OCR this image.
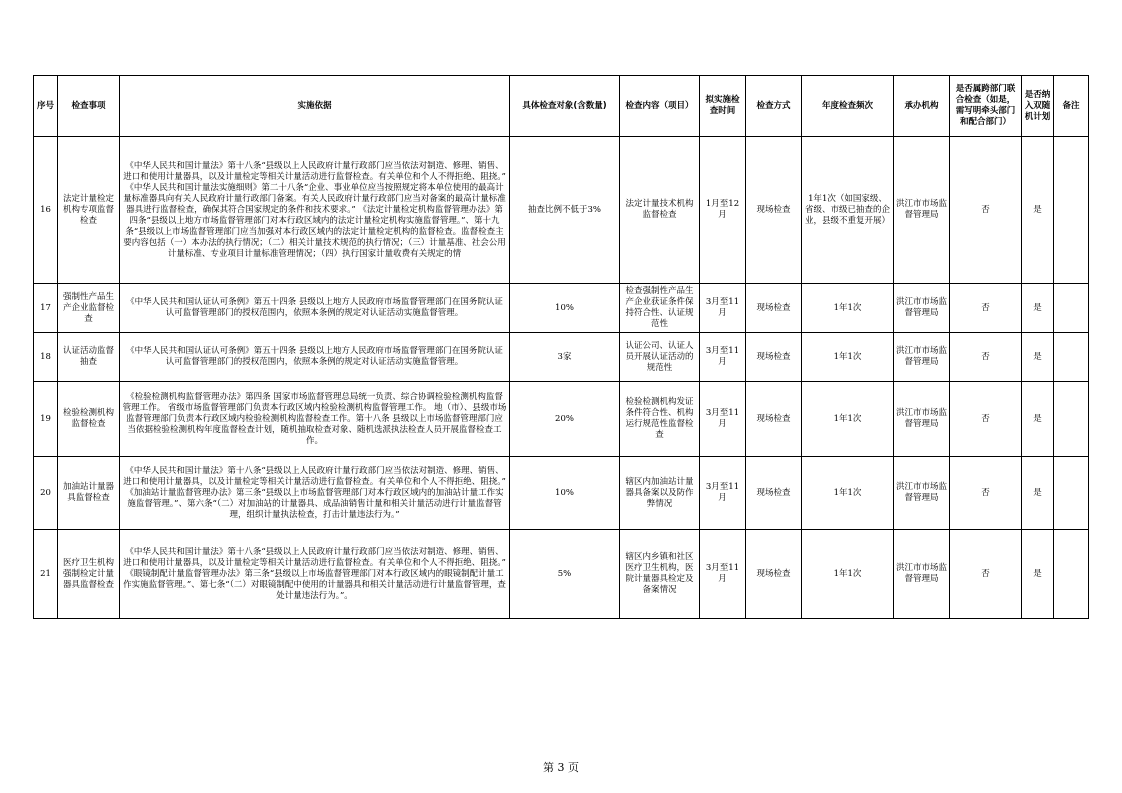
序号	检查事项	实施依据	具体检查对象(含数量)	检查内容（项目）	拟实施检查时间	检查方式	年度检查频次	承办机构	是否属跨部门联合检查（如是，需写明牵头部门和配合部门）	是否纳入双随机计划	备注
16	法定计量检定机构专项监督检查	《中华人民共和国计量法》第十八条“县级以上人民政府计量行政部门应当依法对制造、修理、销售、进口和使用计量器具，以及计量检定等相关计量活动进行监督检查。有关单位和个人不得拒绝、阻挠。” 《中华人民共和国计量法实施细则》第二十八条“企业、事业单位应当按照规定将本单位使用的最高计量标准器具向有关人民政府计量行政部门备案。有关人民政府计量行政部门应当对备案的最高计量标准器具进行监督检查，确保其符合国家规定的条件和技术要求。” 《法定计量检定机构监督管理办法》第四条“县级以上地方市场监督管理部门对本行政区域内的法定计量检定机构实施监督管理。”、第十九条“县级以上市场监督管理部门应当加强对本行政区域内的法定计量检定机构的监督检查。监督检查主要内容包括（一）本办法的执行情况；（二）相关计量技术规范的执行情况；（三）计量基准、社会公用计量标准、专业项目计量标准管理情况；（四）执行国家计量收费有关规定的情	抽查比例不低于3%	法定计量技术机构监督检查	1月至12月	现场检查	1年1次（如国家级、省级、市级已抽查的企业，县级不重复开展）	洪江市市场监督管理局	否	是	
17	强制性产品生产企业监督检查	《中华人民共和国认证认可条例》第五十四条 县级以上地方人民政府市场监督管理部门在国务院认证认可监督管理部门的授权范围内，依照本条例的规定对认证活动实施监督管理。	10%	检查强制性产品生产企业获证条件保持符合性、认证规范性	3月至11月	现场检查	1年1次	洪江市市场监督管理局	否	是	
18	认证活动监督抽查	《中华人民共和国认证认可条例》第五十四条 县级以上地方人民政府市场监督管理部门在国务院认证认可监督管理部门的授权范围内，依照本条例的规定对认证活动实施监督管理。	3家	认证公司、认证人员开展认证活动的规范性	3月至11月	现场检查	1年1次	洪江市市场监督管理局	否	是	
19	检验检测机构监督检查	《检验检测机构监督管理办法》第四条 国家市场监督管理总局统一负责、综合协调检验检测机构监督管理工作。 省级市场监督管理部门负责本行政区域内检验检测机构监督管理工作。 地（市）、县级市场监督管理部门负责本行政区域内检验检测机构监督检查工作。第十八条 县级以上市场监督管理部门应当依据检验检测机构年度监督检查计划，随机抽取检查对象、随机选派执法检查人员开展监督检查工作。	20%	检验检测机构发证条件符合性、机构运行规范性监督检查	3月至11月	现场检查	1年1次	洪江市市场监督管理局	否	是	
20	加油站计量器具监督检查	《中华人民共和国计量法》第十八条“县级以上人民政府计量行政部门应当依法对制造、修理、销售、进口和使用计量器具，以及计量检定等相关计量活动进行监督检查。有关单位和个人不得拒绝、阻挠。” 《加油站计量监督管理办法》第三条“县级以上市场监督管理部门对本行政区域内的加油站计量工作实施监督管理。”、第六条“（二）对加油站的计量器具、成品油销售计量和相关计量活动进行计量监督管理，组织计量执法检查，打击计量违法行为。”	10%	辖区内加油站计量器具备案以及防作弊情况	3月至11月	现场检查	1年1次	洪江市市场监督管理局	否	是	
21	医疗卫生机构强制检定计量器具监督检查	《中华人民共和国计量法》第十八条“县级以上人民政府计量行政部门应当依法对制造、修理、销售、进口和使用计量器具，以及计量检定等相关计量活动进行监督检查。有关单位和个人不得拒绝、阻挠。” 《眼镜制配计量监督管理办法》第三条“县级以上市场监督管理部门对本行政区域内的眼镜制配计量工作实施监督管理。”、第七条“（二）对眼镜制配中使用的计量器具和相关计量活动进行计量监督管理，查处计量违法行为。”。	5%	辖区内乡镇和社区医疗卫生机构，医院计量器具检定及备案情况	3月至11月	现场检查	1年1次	洪江市市场监督管理局	否	是	
第 3 页
